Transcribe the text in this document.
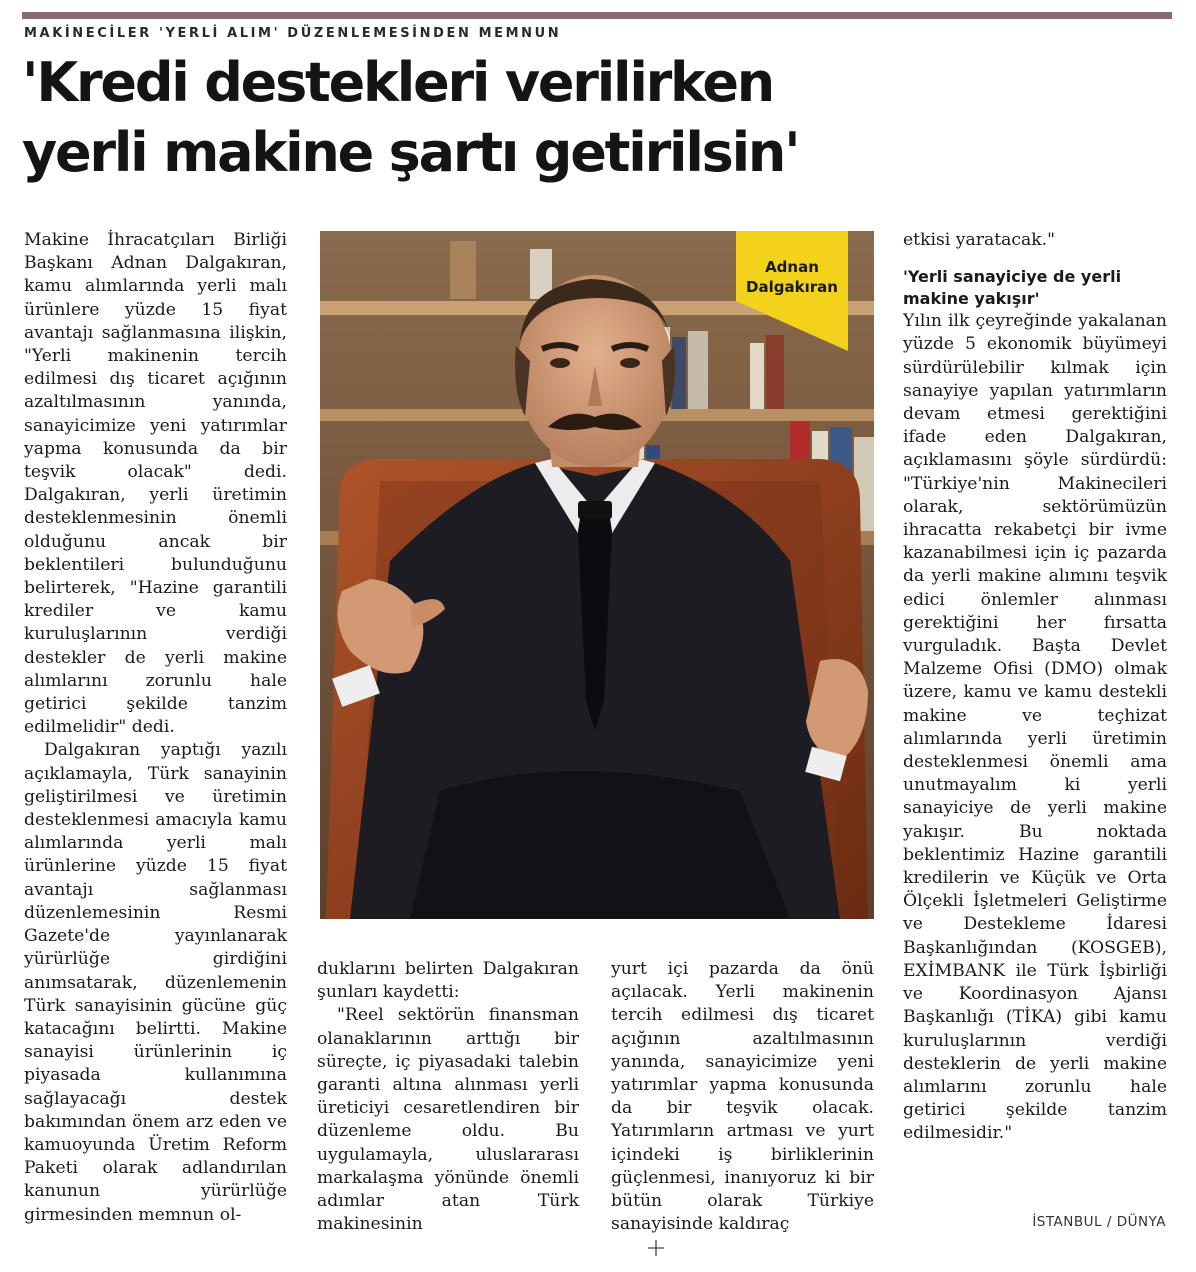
MAKİNECİLER 'YERLİ ALIM' DÜZENLEMESİNDEN MEMNUN
'Kredi destekleri verilirken
yerli makine şartı getirilsin'

Makine İhracatçıları Birliği Başkanı Adnan Dalgakıran, kamu alımlarında yerli malı ürünlere yüzde 15 fiyat avantajı sağlanmasına ilişkin, "Yerli makinenin tercih edilmesi dış ticaret açığının azaltılmasının yanında, sanayicimize yeni yatırımlar yapma konusunda da bir teşvik olacak" dedi. Dalgakıran, yerli üretimin desteklenmesinin önemli olduğunu ancak bir beklentileri bulunduğunu belirterek, "Hazine garantili krediler ve kamu kuruluşlarının verdiği destekler de yerli makine alımlarını zorunlu hale getirici şekilde tanzim edilmelidir" dedi.

Dalgakıran yaptığı yazılı açıklamayla, Türk sanayinin geliştirilmesi ve üretimin desteklenmesi amacıyla kamu alımlarında yerli malı ürünlerine yüzde 15 fiyat avantajı sağlanması düzenlemesinin Resmi Gazete'de yayınlanarak yürürlüğe girdiğini anımsatarak, düzenlemenin Türk sanayisinin gücüne güç katacağını belirtti. Makine sanayisi ürünlerinin iç piyasada kullanımına sağlayacağı destek bakımından önem arz eden ve kamuoyunda Üretim Reform Paketi olarak adlandırılan kanunun yürürlüğe girmesinden memnun ol-

Adnan
Dalgakıran

duklarını belirten Dalgakıran şunları kaydetti:

"Reel sektörün finansman olanaklarının arttığı bir süreçte, iç piyasadaki talebin garanti altına alınması yerli üreticiyi cesaretlendiren bir düzenleme oldu. Bu uygulamayla, uluslararası markalaşma yönünde önemli adımlar atan Türk makinesinin

yurt içi pazarda da önü açılacak. Yerli makinenin tercih edilmesi dış ticaret açığının azaltılmasının yanında, sanayicimize yeni yatırımlar yapma konusunda da bir teşvik olacak. Yatırımların artması ve yurt içindeki iş birliklerinin güçlenmesi, inanıyoruz ki bir bütün olarak Türkiye sanayisinde kaldıraç

etkisi yaratacak."

'Yerli sanayiciye de yerli makine yakışır'

Yılın ilk çeyreğinde yakalanan yüzde 5 ekonomik büyümeyi sürdürülebilir kılmak için sanayiye yapılan yatırımların devam etmesi gerektiğini ifade eden Dalgakıran, açıklamasını şöyle sürdürdü: "Türkiye'nin Makinecileri olarak, sektörümüzün ihracatta rekabetçi bir ivme kazanabilmesi için iç pazarda da yerli makine alımını teşvik edici önlemler alınması gerektiğini her fırsatta vurguladık. Başta Devlet Malzeme Ofisi (DMO) olmak üzere, kamu ve kamu destekli makine ve teçhizat alımlarında yerli üretimin desteklenmesi önemli ama unutmayalım ki yerli sanayiciye de yerli makine yakışır. Bu noktada beklentimiz Hazine garantili kredilerin ve Küçük ve Orta Ölçekli İşletmeleri Geliştirme ve Destekleme İdaresi Başkanlığından (KOSGEB), EXİMBANK ile Türk İşbirliği ve Koordinasyon Ajansı Başkanlığı (TİKA) gibi kamu kuruluşlarının verdiği desteklerin de yerli makine alımlarını zorunlu hale getirici şekilde tanzim edilmesidir."

İSTANBUL / DÜNYA
